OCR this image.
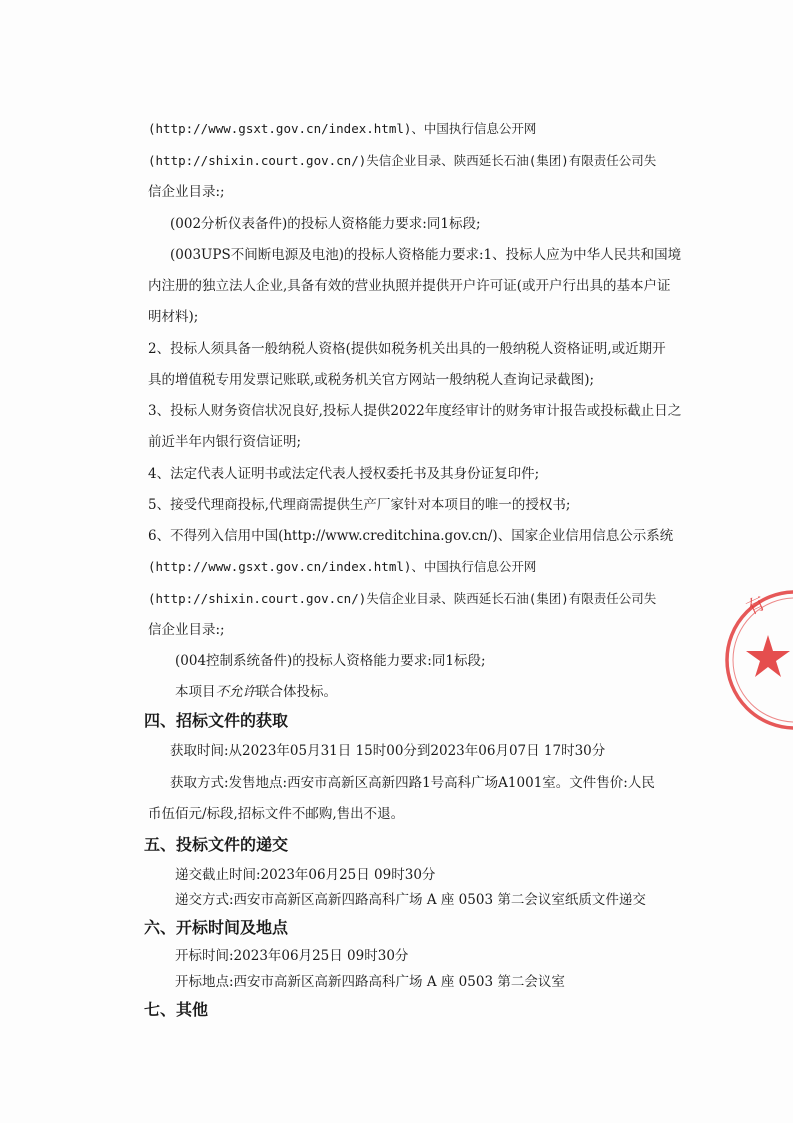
(http://www.gsxt.gov.cn/index.html)、中国执行信息公开网
(http://shixin.court.gov.cn/)失信企业目录、陕西延长石油(集团)有限责任公司失
信企业目录:;
(002分析仪表备件)的投标人资格能力要求:同1标段;
(003UPS不间断电源及电池)的投标人资格能力要求:1、投标人应为中华人民共和国境
内注册的独立法人企业,具备有效的营业执照并提供开户许可证(或开户行出具的基本户证
明材料);
2、投标人须具备一般纳税人资格(提供如税务机关出具的一般纳税人资格证明,或近期开
具的增值税专用发票记账联,或税务机关官方网站一般纳税人查询记录截图);
3、投标人财务资信状况良好,投标人提供2022年度经审计的财务审计报告或投标截止日之
前近半年内银行资信证明;
4、法定代表人证明书或法定代表人授权委托书及其身份证复印件;
5、接受代理商投标,代理商需提供生产厂家针对本项目的唯一的授权书;
6、不得列入信用中国(http://www.creditchina.gov.cn/)、国家企业信用信息公示系统
(http://www.gsxt.gov.cn/index.html)、中国执行信息公开网
(http://shixin.court.gov.cn/)失信企业目录、陕西延长石油(集团)有限责任公司失
信企业目录:;
(004控制系统备件)的投标人资格能力要求:同1标段;
本项目不允许联合体投标。
四、招标文件的获取
获取时间:从2023年05月31日 15时00分到2023年06月07日 17时30分
获取方式:发售地点:西安市高新区高新四路1号高科广场A1001室。文件售价:人民
币伍佰元/标段,招标文件不邮购,售出不退。
五、投标文件的递交
递交截止时间:2023年06月25日 09时30分
递交方式:西安市高新区高新四路高科广场 A 座 0503 第二会议室纸质文件递交
六、开标时间及地点
开标时间:2023年06月25日 09时30分
开标地点:西安市高新区高新四路高科广场 A 座 0503 第二会议室
七、其他
有
